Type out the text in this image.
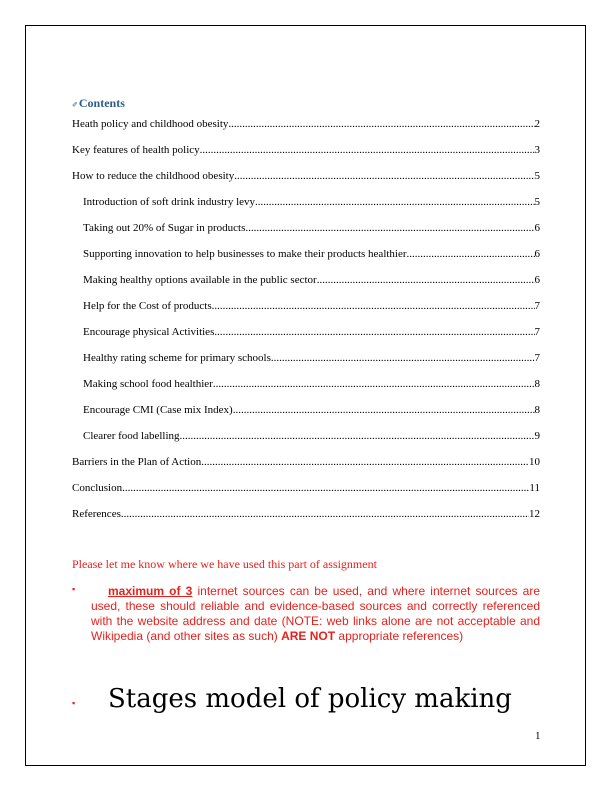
✐Contents
Heath policy and childhood obesity .....	2
Key features of health policy .....	3
How to reduce the childhood obesity .....	5
Introduction of soft drink industry levy .....	5
Taking out 20% of Sugar in products .....	6
Supporting innovation to help businesses to make their products healthier .....	6
Making healthy options available in the public sector .....	6
Help for the Cost of products .....	7
Encourage physical Activities .....	7
Healthy rating scheme for primary schools .....	7
Making school food healthier .....	8
Encourage CMI (Case mix Index) .....	8
Clearer food labelling .....	9
Barriers in the Plan of Action .....	10
Conclusion .....	11
References .....	12
Please let me know where we have used this part of assignment
▪	maximum of 3 internet sources can be used, and where internet sources are used, these should reliable and evidence-based sources and correctly referenced with the website address and date (NOTE: web links alone are not acceptable and Wikipedia (and other sites as such) ARE NOT appropriate references)
▪ Stages model of policy making
1
